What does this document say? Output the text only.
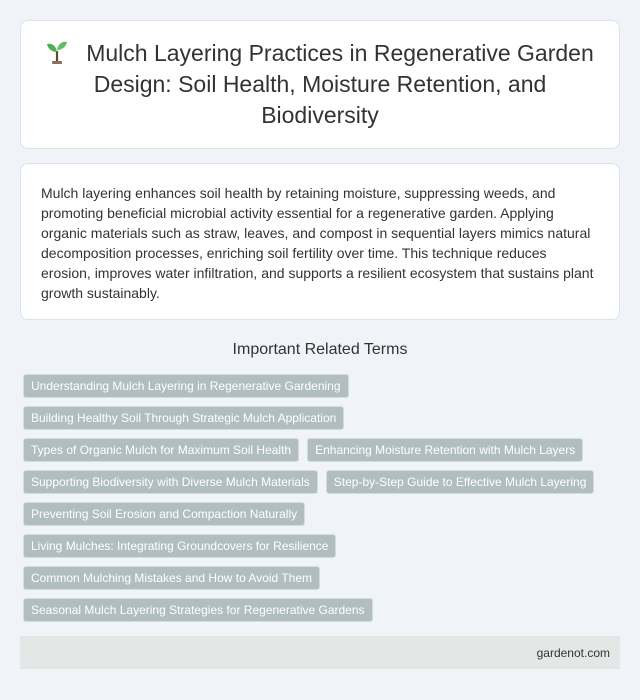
Mulch Layering Practices in Regenerative Garden Design: Soil Health, Moisture Retention, and Biodiversity

Mulch layering enhances soil health by retaining moisture, suppressing weeds, and promoting beneficial microbial activity essential for a regenerative garden. Applying organic materials such as straw, leaves, and compost in sequential layers mimics natural decomposition processes, enriching soil fertility over time. This technique reduces erosion, improves water infiltration, and supports a resilient ecosystem that sustains plant growth sustainably.

Important Related Terms
Understanding Mulch Layering in Regenerative Gardening
Building Healthy Soil Through Strategic Mulch Application
Types of Organic Mulch for Maximum Soil Health	Enhancing Moisture Retention with Mulch Layers
Supporting Biodiversity with Diverse Mulch Materials	Step-by-Step Guide to Effective Mulch Layering
Preventing Soil Erosion and Compaction Naturally
Living Mulches: Integrating Groundcovers for Resilience
Common Mulching Mistakes and How to Avoid Them
Seasonal Mulch Layering Strategies for Regenerative Gardens
gardenot.com
